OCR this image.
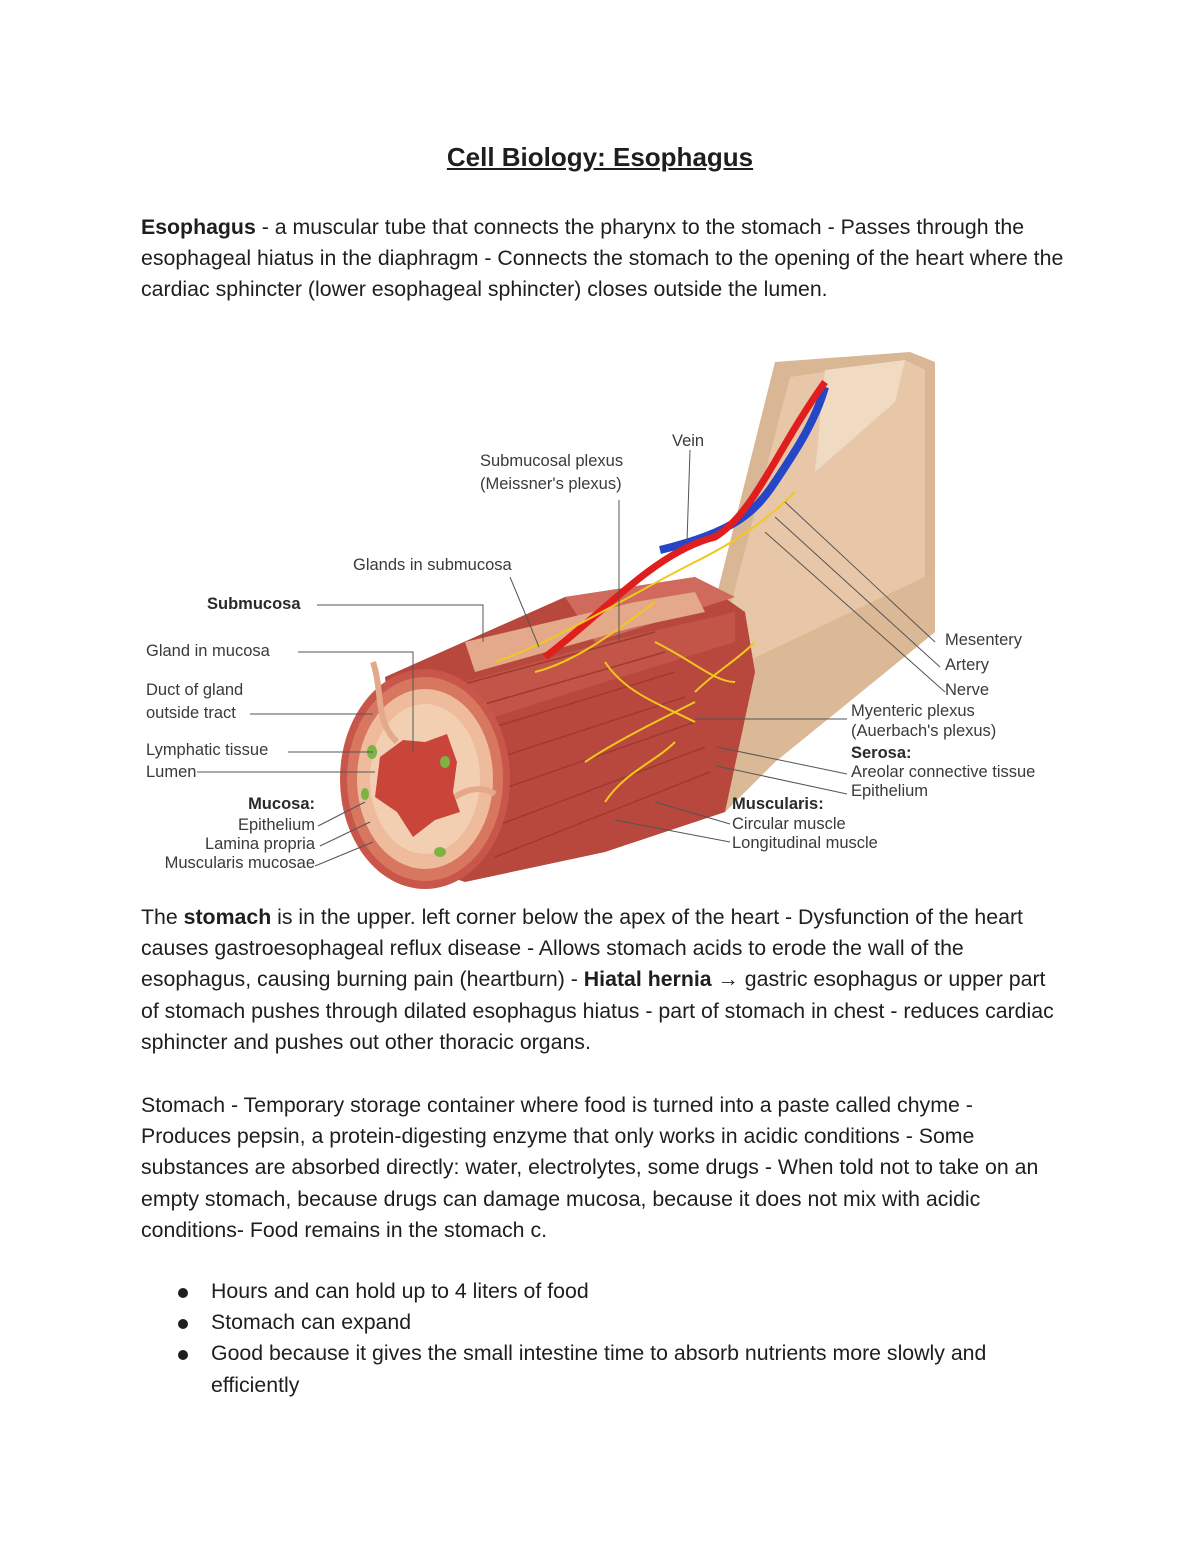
Cell Biology: Esophagus

Esophagus - a muscular tube that connects the pharynx to the stomach - Passes through the esophageal hiatus in the diaphragm - Connects the stomach to the opening of the heart where the cardiac sphincter (lower esophageal sphincter) closes outside the lumen.

Vein
Submucosal plexus
(Meissner's plexus)
Glands in submucosa
Submucosa
Gland in mucosa
Duct of gland
outside tract
Lymphatic tissue
Lumen
Mucosa:
Epithelium
Lamina propria
Muscularis mucosae
Mesentery
Artery
Nerve
Myenteric plexus
(Auerbach's plexus)
Serosa:
Areolar connective tissue
Epithelium
Muscularis:
Circular muscle
Longitudinal muscle

The stomach is in the upper. left corner below the apex of the heart - Dysfunction of the heart causes gastroesophageal reflux disease - Allows stomach acids to erode the wall of the esophagus, causing burning pain (heartburn) - Hiatal hernia → gastric esophagus or upper part of stomach pushes through dilated esophagus hiatus - part of stomach in chest - reduces cardiac sphincter and pushes out other thoracic organs.

Stomach - Temporary storage container where food is turned into a paste called chyme - Produces pepsin, a protein-digesting enzyme that only works in acidic conditions - Some substances are absorbed directly: water, electrolytes, some drugs - When told not to take on an empty stomach, because drugs can damage mucosa, because it does not mix with acidic conditions- Food remains in the stomach c.

Hours and can hold up to 4 liters of food
Stomach can expand
Good because it gives the small intestine time to absorb nutrients more slowly and efficiently
